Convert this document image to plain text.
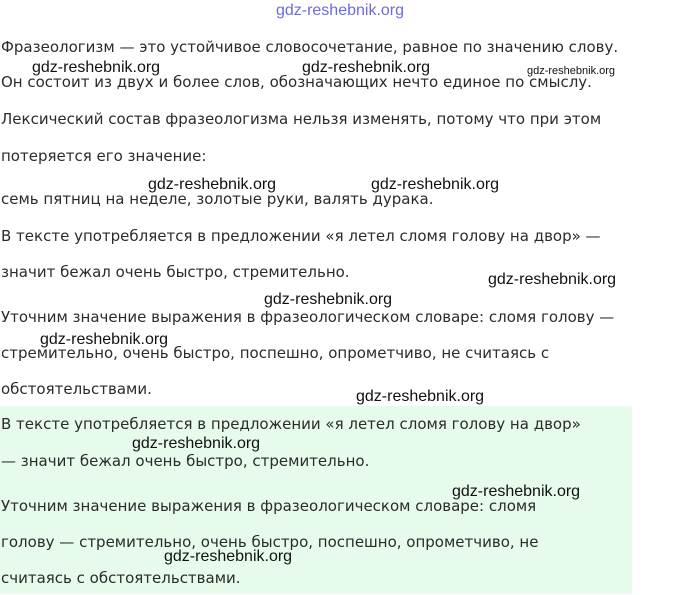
gdz-reshebnik.org
Фразеологизм — это устойчивое словосочетание, равное по значению слову.
Он состоит из двух и более слов, обозначающих нечто единое по смыслу.
Лексический состав фразеологизма нельзя изменять, потому что при этом
потеряется его значение:
семь пятниц на неделе, золотые руки, валять дурака.
В тексте употребляется в предложении «я летел сломя голову на двор» —
значит бежал очень быстро, стремительно.
Уточним значение выражения в фразеологическом словаре: сломя голову —
стремительно, очень быстро, поспешно, опрометчиво, не считаясь с
обстоятельствами.
В тексте употребляется в предложении «я летел сломя голову на двор»
— значит бежал очень быстро, стремительно.
Уточним значение выражения в фразеологическом словаре: сломя
голову — стремительно, очень быстро, поспешно, опрометчиво, не
считаясь с обстоятельствами.
gdz-reshebnik.org	gdz-reshebnik.org	gdz-reshebnik.org
gdz-reshebnik.org	gdz-reshebnik.org
gdz-reshebnik.org
gdz-reshebnik.org
gdz-reshebnik.org
gdz-reshebnik.org
gdz-reshebnik.org
gdz-reshebnik.org
gdz-reshebnik.org
